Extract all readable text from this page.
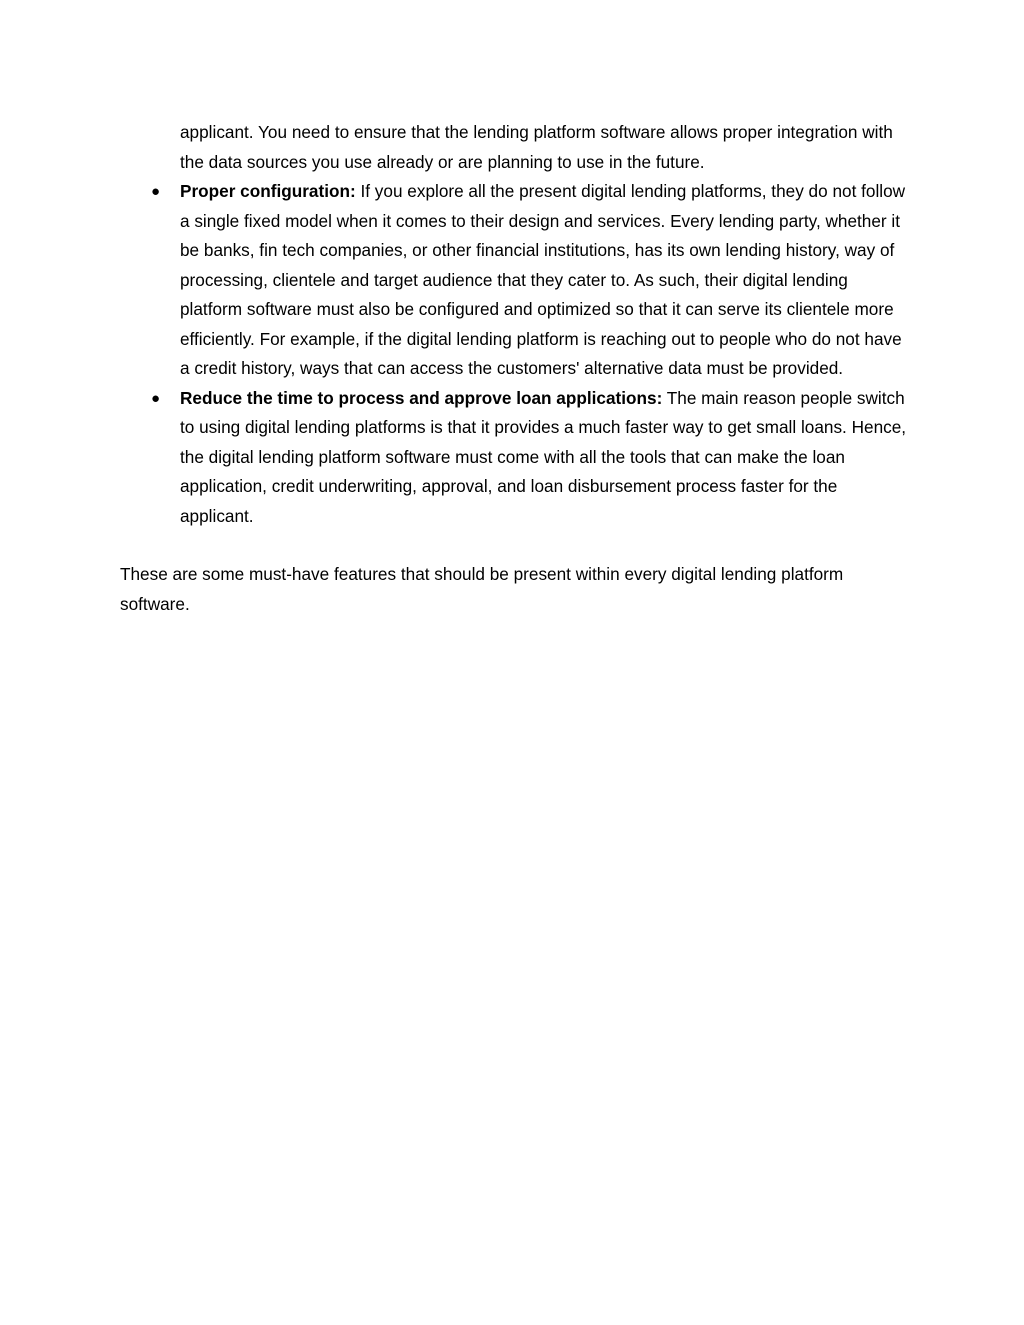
applicant. You need to ensure that the lending platform software allows proper integration with the data sources you use already or are planning to use in the future.

● Proper configuration: If you explore all the present digital lending platforms, they do not follow a single fixed model when it comes to their design and services. Every lending party, whether it be banks, fin tech companies, or other financial institutions, has its own lending history, way of processing, clientele and target audience that they cater to. As such, their digital lending platform software must also be configured and optimized so that it can serve its clientele more efficiently. For example, if the digital lending platform is reaching out to people who do not have a credit history, ways that can access the customers' alternative data must be provided.
● Reduce the time to process and approve loan applications: The main reason people switch to using digital lending platforms is that it provides a much faster way to get small loans. Hence, the digital lending platform software must come with all the tools that can make the loan application, credit underwriting, approval, and loan disbursement process faster for the applicant.

These are some must-have features that should be present within every digital lending platform software.
